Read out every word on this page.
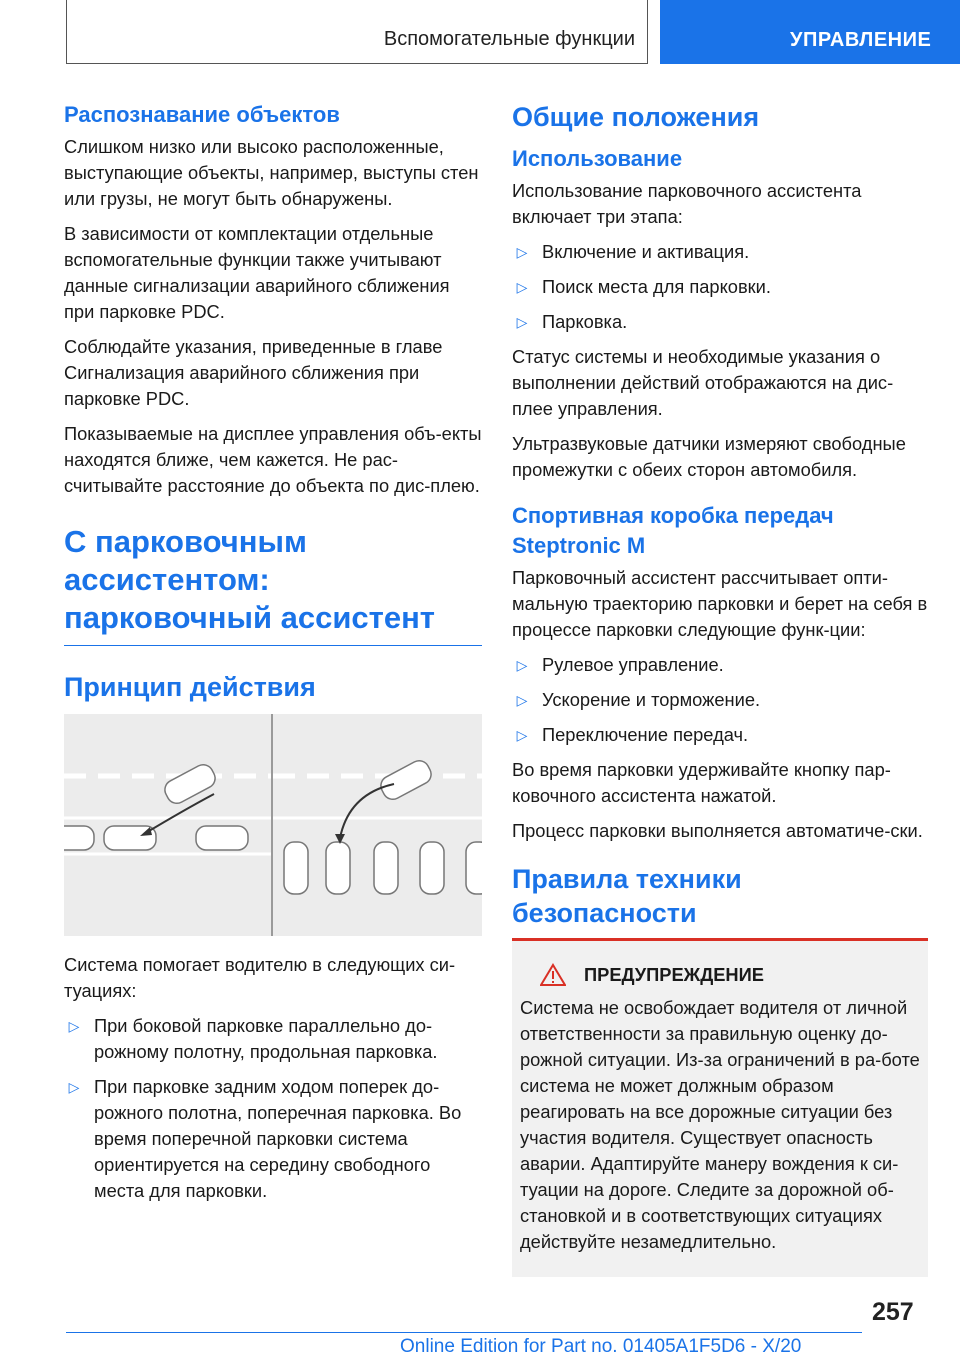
Вспомогательные функции	УПРАВЛЕНИЕ
Распознавание объектов

Слишком низко или высоко расположенные, выступающие объекты, например, выступы стен или грузы, не могут быть обнаружены.

В зависимости от комплектации отдельные вспомогательные функции также учитывают данные сигнализации аварийного сближения при парковке PDC.

Соблюдайте указания, приведенные в главе Сигнализация аварийного сближения при парковке PDC.

Показываемые на дисплее управления объ-екты находятся ближе, чем кажется. Не рас-считывайте расстояние до объекта по дис-плею.

С парковочным ассистентом: парковочный ассистент
Принцип действия

Система помогает водителю в следующих си-туациях:

▷ При боковой парковке параллельно до-рожному полотну, продольная парковка.
▷ При парковке задним ходом поперек до-рожного полотна, поперечная парковка. Во время поперечной парковки система ориентируется на середину свободного места для парковки.
Общие положения
Использование

Использование парковочного ассистента включает три этапа:

▷ Включение и активация.
▷ Поиск места для парковки.
▷ Парковка.

Статус системы и необходимые указания о выполнении действий отображаются на дис-плее управления.

Ультразвуковые датчики измеряют свободные промежутки с обеих сторон автомобиля.

Спортивная коробка передач Steptronic M

Парковочный ассистент рассчитывает опти-мальную траекторию парковки и берет на себя в процессе парковки следующие функ-ции:

▷ Рулевое управление.
▷ Ускорение и торможение.
▷ Переключение передач.

Во время парковки удерживайте кнопку пар-ковочного ассистента нажатой.

Процесс парковки выполняется автоматиче-ски.

Правила техники безопасности
ПРЕДУПРЕЖДЕНИЕ

Система не освобождает водителя от личной ответственности за правильную оценку до-рожной ситуации. Из-за ограничений в ра-боте система не может должным образом реагировать на все дорожные ситуации без участия водителя. Существует опасность аварии. Адаптируйте манеру вождения к си-туации на дороге. Следите за дорожной об-становкой и в соответствующих ситуациях действуйте незамедлительно.

257
Online Edition for Part no. 01405A1F5D6 - X/20
